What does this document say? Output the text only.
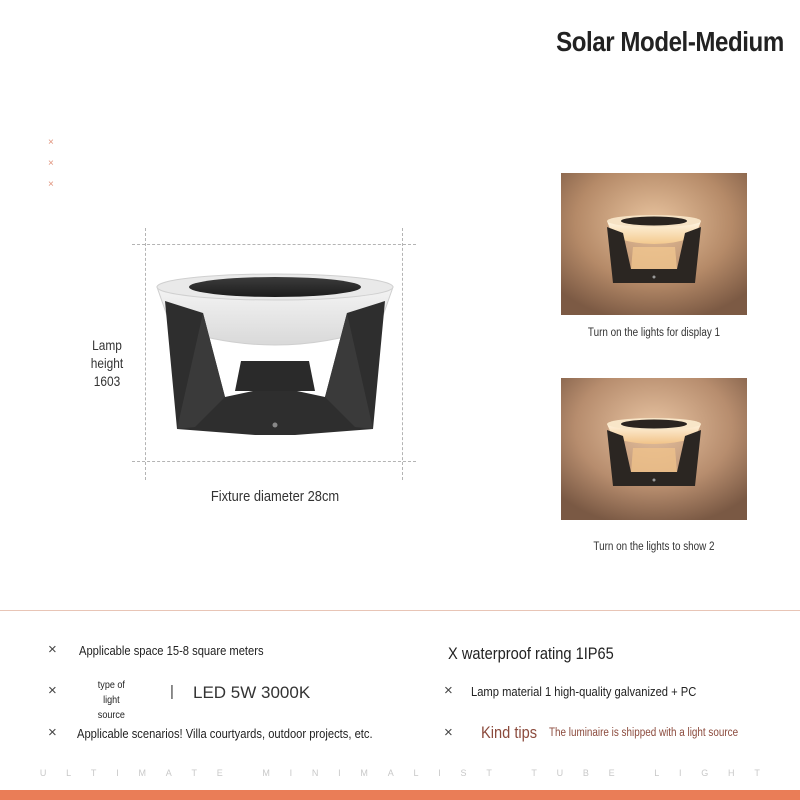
Solar Model-Medium
×
×
×
Lamp height 1603
Fixture diameter 28cm
Turn on the lights for display 1
Turn on the lights to show 2
× Applicable space 15-8 square meters
×	type of light source
| LED 5W 3000K
× Applicable scenarios! Villa courtyards, outdoor projects, etc.
X waterproof rating 1IP65
× Lamp material 1 high-quality galvanized + PC
× Kind tips The luminaire is shipped with a light source
U L T I M A T E	M I N I M A L I S T	T U B E	L I G H T
